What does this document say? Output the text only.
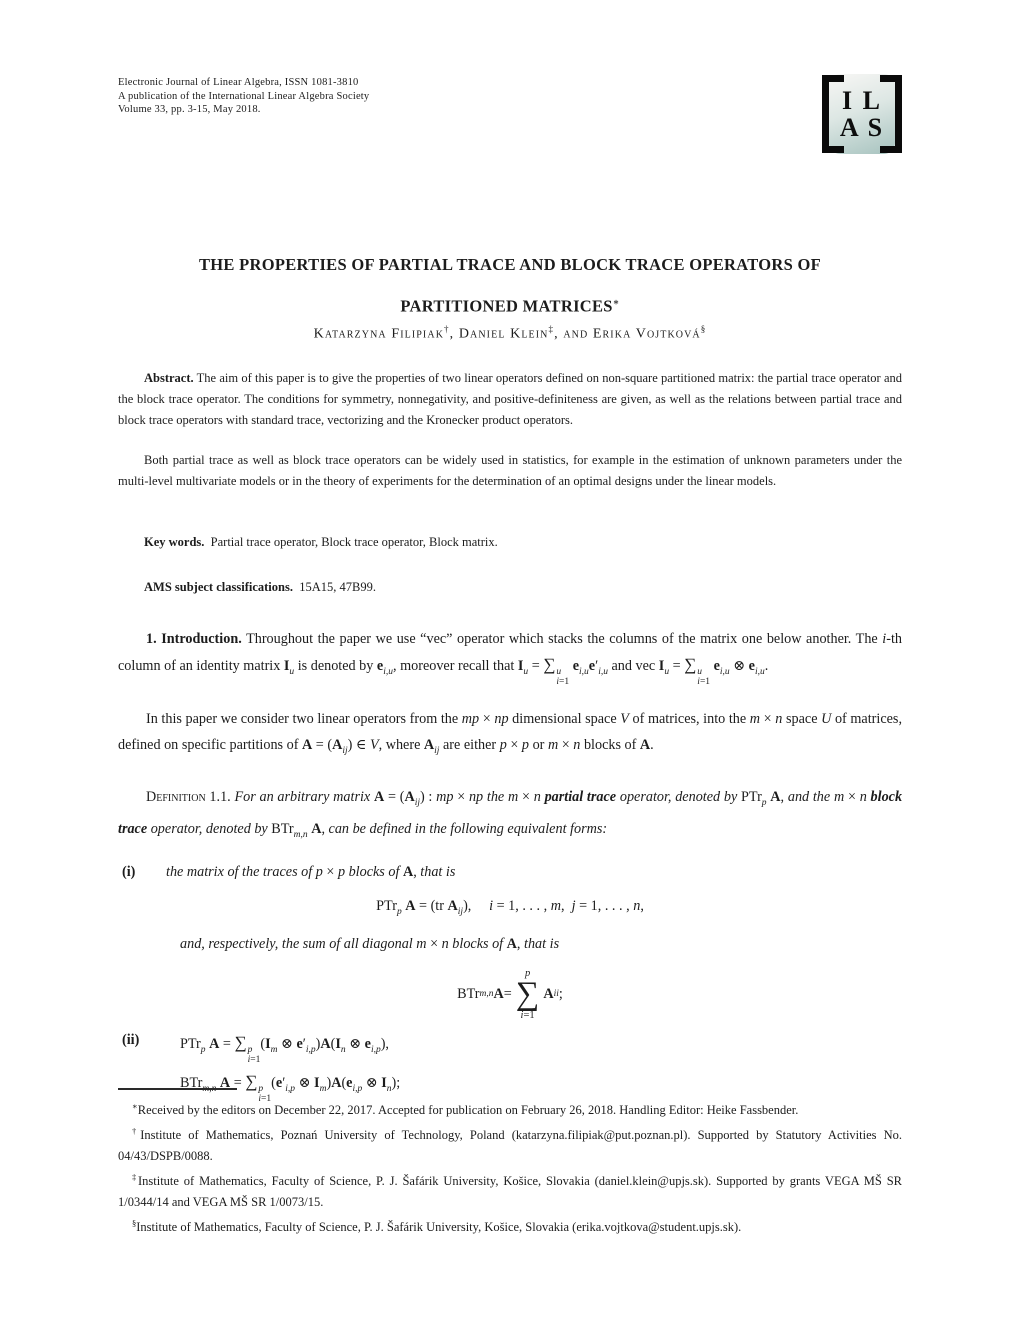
Electronic Journal of Linear Algebra, ISSN 1081-3810
A publication of the International Linear Algebra Society
Volume 33, pp. 3-15, May 2018.	I L
A S
THE PROPERTIES OF PARTIAL TRACE AND BLOCK TRACE OPERATORS OF
PARTITIONED MATRICES∗
Katarzyna Filipiak†, Daniel Klein‡, and Erika Vojtková§
Abstract. The aim of this paper is to give the properties of two linear operators defined on non-square partitioned matrix: the partial trace operator and the block trace operator. The conditions for symmetry, nonnegativity, and positive-definiteness are given, as well as the relations between partial trace and block trace operators with standard trace, vectorizing and the Kronecker product operators.
Both partial trace as well as block trace operators can be widely used in statistics, for example in the estimation of unknown parameters under the multi-level multivariate models or in the theory of experiments for the determination of an optimal designs under the linear models.
Key words.  Partial trace operator, Block trace operator, Block matrix.
AMS subject classifications.  15A15, 47B99.
1. Introduction. Throughout the paper we use “vec” operator which stacks the columns of the matrix one below another. The i-th column of an identity matrix $I_u$ is denoted by $e_{i,u}$, moreover recall that $I_u$ = ∑ u
i=1
$e_{i,u}e'_{i,u}$ and vec $I_u$ = ∑ u
i=1
$e_{i,u}$ ⊗ $e_{i,u}$.
In this paper we consider two linear operators from the mp × np dimensional space V of matrices, into the m × n space U of matrices, defined on specific partitions of $A = (A_{ij})$ ∈ V, where $A_{ij}$ are either p × p or m × n blocks of A.
Definition 1.1. For an arbitrary matrix $A = (A_{ij})$ : mp × np the m × n partial trace operator, denoted by PTr$_p$ A, and the m × n block trace operator, denoted by BTr$_{m,n}$ A, can be defined in the following equivalent forms:
(i)	the matrix of the traces of p × p blocks of A, that is
PTr$_p$ A = (tr $A_{ij}$),     i = 1, . . . , m,  j = 1, . . . , n,
and, respectively, the sum of all diagonal m × n blocks of A, that is
BTr m,n A =
p
∑
i=1
A ii ;
(ii)	PTr$_p$ A = ∑ p
i=1
($I_m$ ⊗ $e'_{i,p})A(I_n$ ⊗ $e_{i,p}$),
BTr$_{m,n}$ A = ∑ p
i=1
($e'_{i,p}$ ⊗ $I_m)A(e_{i,p}$ ⊗ $I_n$);

∗Received by the editors on December 22, 2017. Accepted for publication on February 26, 2018. Handling Editor: Heike Fassbender.

†Institute of Mathematics, Poznań University of Technology, Poland (katarzyna.filipiak@put.poznan.pl). Supported by Statutory Activities No. 04/43/DSPB/0088.

‡Institute of Mathematics, Faculty of Science, P. J. Šafárik University, Košice, Slovakia (daniel.klein@upjs.sk). Supported by grants VEGA MŠ SR 1/0344/14 and VEGA MŠ SR 1/0073/15.

§Institute of Mathematics, Faculty of Science, P. J. Šafárik University, Košice, Slovakia (erika.vojtkova@student.upjs.sk).
